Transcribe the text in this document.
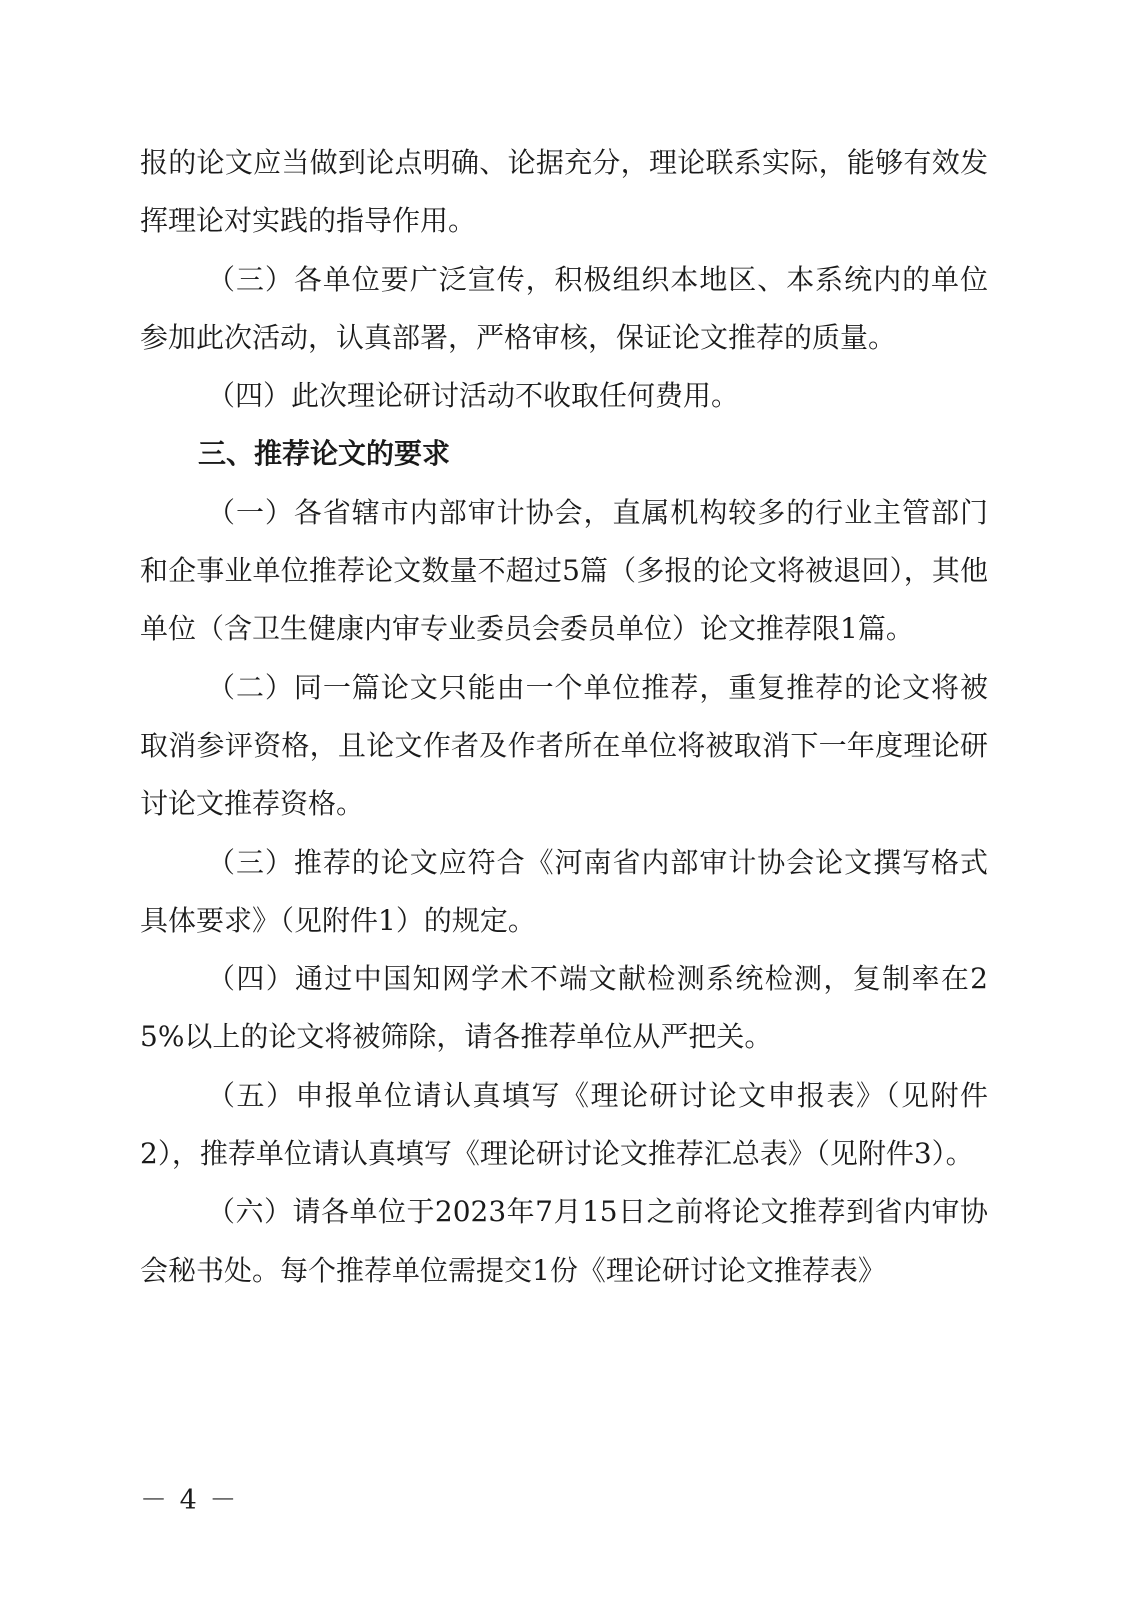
报的论文应当做到论点明确、论据充分，理论联系实际，能够有效发挥理论对实践的指导作用。

（三）各单位要广泛宣传，积极组织本地区、本系统内的单位参加此次活动，认真部署，严格审核，保证论文推荐的质量。

（四）此次理论研讨活动不收取任何费用。

三、推荐论文的要求

（一）各省辖市内部审计协会，直属机构较多的行业主管部门和企事业单位推荐论文数量不超过5篇（多报的论文将被退回），其他单位（含卫生健康内审专业委员会委员单位）论文推荐限1篇。

（二）同一篇论文只能由一个单位推荐，重复推荐的论文将被取消参评资格，且论文作者及作者所在单位将被取消下一年度理论研讨论文推荐资格。

（三）推荐的论文应符合《河南省内部审计协会论文撰写格式具体要求》（见附件1）的规定。

（四）通过中国知网学术不端文献检测系统检测，复制率在25%以上的论文将被筛除，请各推荐单位从严把关。

（五）申报单位请认真填写《理论研讨论文申报表》（见附件2），推荐单位请认真填写《理论研讨论文推荐汇总表》（见附件3）。

（六）请各单位于2023年7月15日之前将论文推荐到省内审协会秘书处。每个推荐单位需提交1份《理论研讨论文推荐表》

－ 4 －
